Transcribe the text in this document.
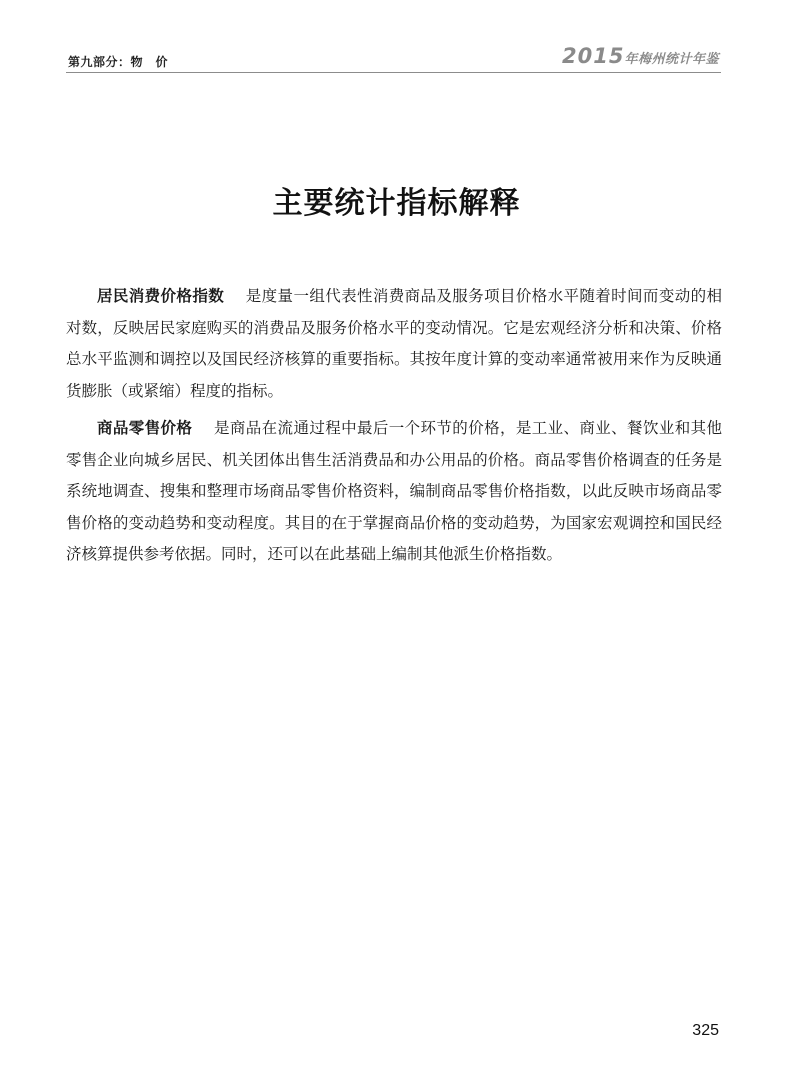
第九部分：物　价	2015年梅州统计年鉴
主要统计指标解释

居民消费价格指数 是度量一组代表性消费商品及服务项目价格水平随着时间而变动的相对数，反映居民家庭购买的消费品及服务价格水平的变动情况。它是宏观经济分析和决策、价格总水平监测和调控以及国民经济核算的重要指标。其按年度计算的变动率通常被用来作为反映通货膨胀（或紧缩）程度的指标。

商品零售价格 是商品在流通过程中最后一个环节的价格，是工业、商业、餐饮业和其他零售企业向城乡居民、机关团体出售生活消费品和办公用品的价格。商品零售价格调查的任务是系统地调查、搜集和整理市场商品零售价格资料，编制商品零售价格指数，以此反映市场商品零售价格的变动趋势和变动程度。其目的在于掌握商品价格的变动趋势，为国家宏观调控和国民经济核算提供参考依据。同时，还可以在此基础上编制其他派生价格指数。

325
